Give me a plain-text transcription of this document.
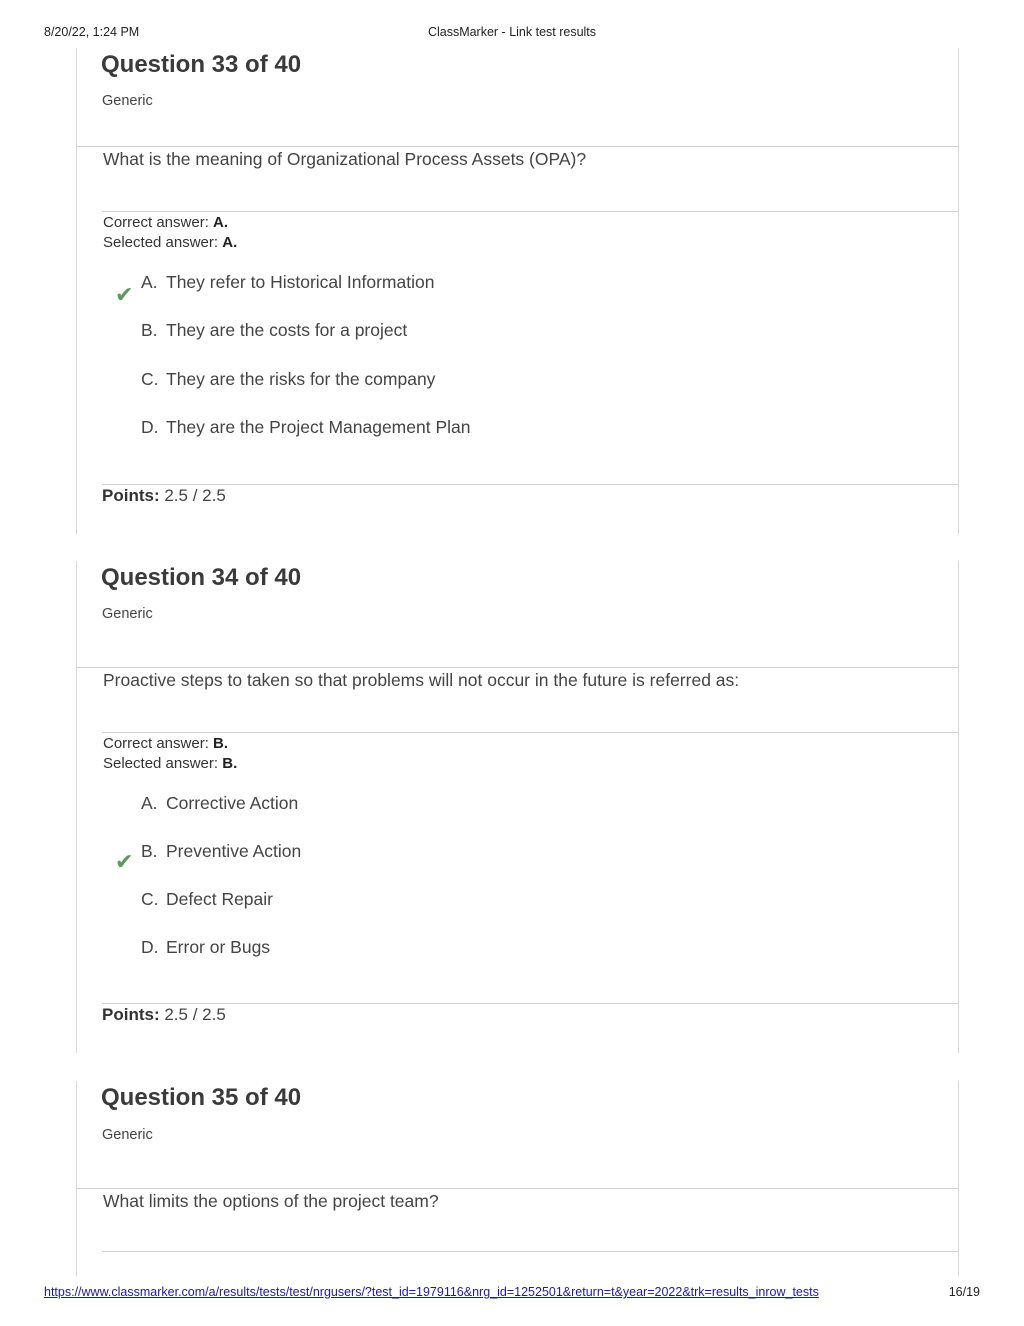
8/20/22, 1:24 PM	ClassMarker - Link test results
Question 33 of 40
Generic
What is the meaning of Organizational Process Assets (OPA)?
Correct answer: A.
Selected answer: A.
✔ A. They refer to Historical Information
B. They are the costs for a project
C. They are the risks for the company
D. They are the Project Management Plan
Points: 2.5 / 2.5
Question 34 of 40
Generic
Proactive steps to taken so that problems will not occur in the future is referred as:
Correct answer: B.
Selected answer: B.
A. Corrective Action
✔ B. Preventive Action
C. Defect Repair
D. Error or Bugs
Points: 2.5 / 2.5
Question 35 of 40
Generic
What limits the options of the project team?
https://www.classmarker.com/a/results/tests/test/nrgusers/?test_id=1979116&nrg_id=1252501&return=t&year=2022&trk=results_inrow_tests	16/19
